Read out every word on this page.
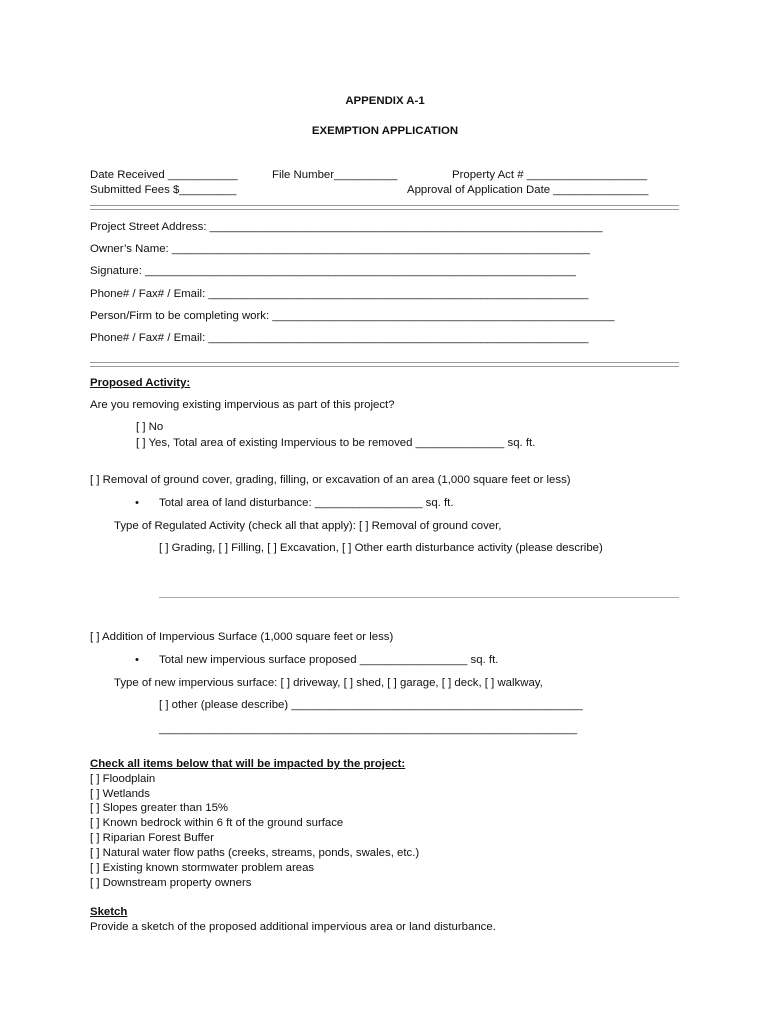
APPENDIX A-1
EXEMPTION APPLICATION
Date Received ___________	File Number__________	Property Act # ___________________
Submitted Fees $_________	Approval of Application Date _______________
Project Street Address: ______________________________________________________________
Owner’s Name: __________________________________________________________________
Signature: ____________________________________________________________________
Phone# / Fax# / Email: ____________________________________________________________
Person/Firm to be completing work: ______________________________________________________
Phone# / Fax# / Email: ____________________________________________________________
Proposed Activity:
Are you removing existing impervious as part of this project?
[ ] No
[ ] Yes, Total area of existing Impervious to be removed ______________ sq. ft.
[ ] Removal of ground cover, grading, filling, or excavation of an area (1,000 square feet or less)
• Total area of land disturbance: _________________ sq. ft.
Type of Regulated Activity (check all that apply): [ ] Removal of ground cover,
[ ] Grading, [ ] Filling, [ ] Excavation, [ ] Other earth disturbance activity (please describe)
[ ] Addition of Impervious Surface (1,000 square feet or less)
• Total new impervious surface proposed _________________ sq. ft.
Type of new impervious surface: [ ] driveway, [ ] shed, [ ] garage, [ ] deck, [ ] walkway,
[ ] other (please describe) ______________________________________________
__________________________________________________________________
Check all items below that will be impacted by the project:
[ ] Floodplain
[ ] Wetlands
[ ] Slopes greater than 15%
[ ] Known bedrock within 6 ft of the ground surface
[ ] Riparian Forest Buffer
[ ] Natural water flow paths (creeks, streams, ponds, swales, etc.)
[ ] Existing known stormwater problem areas
[ ] Downstream property owners
Sketch
Provide a sketch of the proposed additional impervious area or land disturbance.
